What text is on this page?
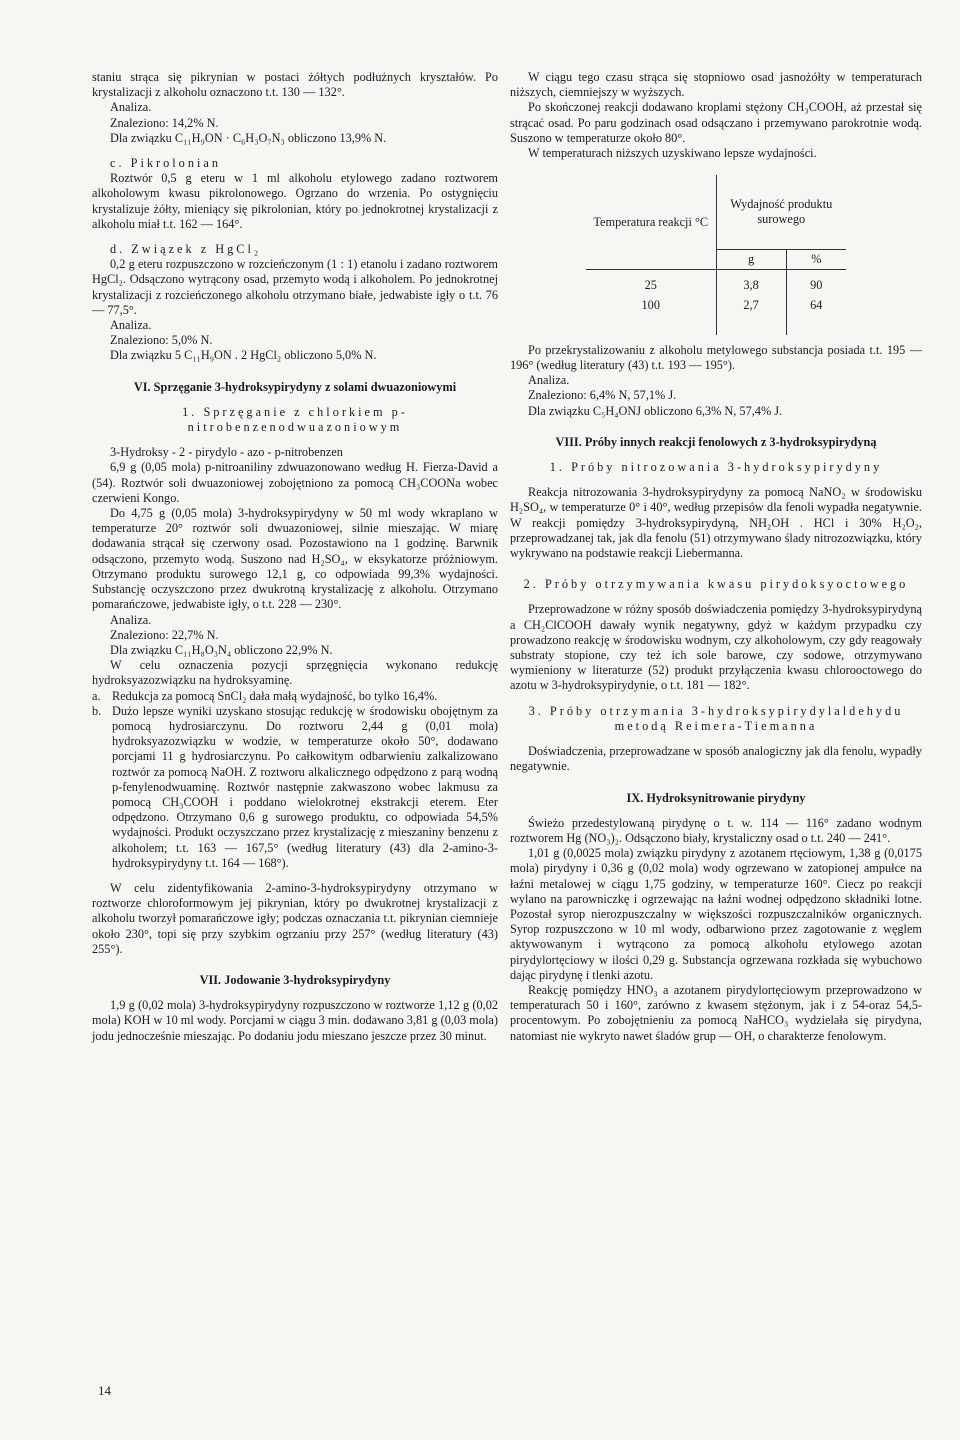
staniu strąca się pikrynian w postaci żółtych podłużnych kryształów. Po krystalizacji z alkoholu oznaczono t.t. 130 — 132°.

Analiza.

Znaleziono: 14,2% N.

Dla związku C₁₁H₉ON · C₆H₃O₇N₃ obliczono 13,9% N.

c. Pikrolonian

Roztwór 0,5 g eteru w 1 ml alkoholu etylowego zadano roztworem alkoholowym kwasu pikrolonowego. Ogrzano do wrzenia. Po ostygnięciu krystalizuje żółty, mieniący się pikrolonian, który po jednokrotnej krystalizacji z alkoholu miał t.t. 162 — 164°.

d. Związek z HgCl₂

0,2 g eteru rozpuszczono w rozcieńczonym (1 : 1) etanolu i zadano roztworem HgCl₂. Odsączono wytrącony osad, przemyto wodą i alkoholem. Po jednokrotnej krystalizacji z rozcieńczonego alkoholu otrzymano białe, jedwabiste igły o t.t. 76 — 77,5°.

Analiza.

Znaleziono: 5,0% N.

Dla związku 5 C₁₁H₉ON . 2 HgCl₂ obliczono 5,0% N.

VI. Sprzęganie 3-hydroksypirydyny z solami dwuazoniowymi

1. Sprzęganie z chlorkiem p-nitrobenzenodwuazoniowym

3-Hydroksy - 2 - pirydylo - azo - p-nitrobenzen

6,9 g (0,05 mola) p-nitroaniliny zdwuazonowano według H. Fierza-David a (54). Roztwór soli dwuazoniowej zobojętniono za pomocą CH₃COONa wobec czerwieni Kongo.

Do 4,75 g (0,05 mola) 3-hydroksypirydyny w 50 ml wody wkraplano w temperaturze 20° roztwór soli dwuazoniowej, silnie mieszając. W miarę dodawania strącał się czerwony osad. Pozostawiono na 1 godzinę. Barwnik odsączono, przemyto wodą. Suszono nad H₂SO₄, w eksykatorze próżniowym. Otrzymano produktu surowego 12,1 g, co odpowiada 99,3% wydajności. Substancję oczyszczono przez dwukrotną krystalizację z alkoholu. Otrzymano pomarańczowe, jedwabiste igły, o t.t. 228 — 230°.

Analiza.

Znaleziono: 22,7% N.

Dla związku C₁₁H₈O₃N₄ obliczono 22,9% N.

W celu oznaczenia pozycji sprzęgnięcia wykonano redukcję hydroksyazozwiązku na hydroksyaminę.

a. Redukcja za pomocą SnCl₂ dała małą wydajność, bo tylko 16,4%.
b. Dużo lepsze wyniki uzyskano stosując redukcję w środowisku obojętnym za pomocą hydrosiarczynu. Do roztworu 2,44 g (0,01 mola) hydroksyazozwiązku w wodzie, w temperaturze około 50°, dodawano porcjami 11 g hydrosiarczynu. Po całkowitym odbarwieniu zalkalizowano roztwór za pomocą NaOH. Z roztworu alkalicznego odpędzono z parą wodną p-fenylenodwuaminę. Roztwór następnie zakwaszono wobec lakmusu za pomocą CH₃COOH i poddano wielokrotnej ekstrakcji eterem. Eter odpędzono. Otrzymano 0,6 g surowego produktu, co odpowiada 54,5% wydajności. Produkt oczyszczano przez krystalizację z mieszaniny benzenu z alkoholem; t.t. 163 — 167,5° (według literatury (43) dla 2-amino-3-hydroksypirydyny t.t. 164 — 168°).

W celu zidentyfikowania 2-amino-3-hydroksypirydyny otrzymano w roztworze chloroformowym jej pikrynian, który po dwukrotnej krystalizacji z alkoholu tworzył pomarańczowe igły; podczas oznaczania t.t. pikrynian ciemnieje około 230°, topi się przy szybkim ogrzaniu przy 257° (według literatury (43) 255°).

VII. Jodowanie 3-hydroksypirydyny

1,9 g (0,02 mola) 3-hydroksypirydyny rozpuszczono w roztworze 1,12 g (0,02 mola) KOH w 10 ml wody. Porcjami w ciągu 3 min. dodawano 3,81 g (0,03 mola) jodu jednocześnie mieszając. Po dodaniu jodu mieszano jeszcze przez 30 minut.

W ciągu tego czasu strąca się stopniowo osad jasnożółty w temperaturach niższych, ciemniejszy w wyższych.

Po skończonej reakcji dodawano kroplami stężony CH₃COOH, aż przestał się strącać osad. Po paru godzinach osad odsączano i przemywano parokrotnie wodą. Suszono w temperaturze około 80°.

W temperaturach niższych uzyskiwano lepsze wydajności.

Temperatura reakcji °C	Wydajność produktu surowego	
	g	%
25	3,8	90
100	2,7	64

Po przekrystalizowaniu z alkoholu metylowego substancja posiada t.t. 195 — 196° (według literatury (43) t.t. 193 — 195°).

Analiza.

Znaleziono: 6,4% N, 57,1% J.

Dla związku C₅H₄ONJ obliczono 6,3% N, 57,4% J.

VIII. Próby innych reakcji fenolowych z 3-hydroksypirydyną

1. Próby nitrozowania 3-hydroksypirydyny

Reakcja nitrozowania 3-hydroksypirydyny za pomocą NaNO₂ w środowisku H₂SO₄, w temperaturze 0° i 40°, według przepisów dla fenoli wypadła negatywnie. W reakcji pomiędzy 3-hydroksypirydyną, NH₂OH . HCl i 30% H₂O₂, przeprowadzanej tak, jak dla fenolu (51) otrzymywano ślady nitrozozwiązku, który wykrywano na podstawie reakcji Liebermanna.

2. Próby otrzymywania kwasu pirydoksyoctowego

Przeprowadzone w różny sposób doświadczenia pomiędzy 3-hydroksypirydyną a CH₂ClCOOH dawały wynik negatywny, gdyż w każdym przypadku czy prowadzono reakcję w środowisku wodnym, czy alkoholowym, czy gdy reagowały substraty stopione, czy też ich sole barowe, czy sodowe, otrzymywano wymieniony w literaturze (52) produkt przyłączenia kwasu chlorooctowego do azotu w 3-hydroksypirydynie, o t.t. 181 — 182°.

3. Próby otrzymania 3-hydroksypirydylaldehydu metodą Reimera-Tiemanna

Doświadczenia, przeprowadzane w sposób analogiczny jak dla fenolu, wypadły negatywnie.

IX. Hydroksynitrowanie pirydyny

Świeżo przedestylowaną pirydynę o t. w. 114 — 116° zadano wodnym roztworem Hg (NO₃)₂. Odsączono biały, krystaliczny osad o t.t. 240 — 241°.

1,01 g (0,0025 mola) związku pirydyny z azotanem rtęciowym, 1,38 g (0,0175 mola) pirydyny i 0,36 g (0,02 mola) wody ogrzewano w zatopionej ampułce na łaźni metalowej w ciągu 1,75 godziny, w temperaturze 160°. Ciecz po reakcji wylano na parowniczkę i ogrzewając na łaźni wodnej odpędzono składniki lotne. Pozostał syrop nierozpuszczalny w większości rozpuszczalników organicznych. Syrop rozpuszczono w 10 ml wody, odbarwiono przez zagotowanie z węglem aktywowanym i wytrącono za pomocą alkoholu etylowego azotan pirydylortęciowy w ilości 0,29 g. Substancja ogrzewana rozkłada się wybuchowo dając pirydynę i tlenki azotu.

Reakcję pomiędzy HNO₃ a azotanem pirydylortęciowym przeprowadzono w temperaturach 50 i 160°, zarówno z kwasem stężonym, jak i z 54-oraz 54,5-procentowym. Po zobojętnieniu za pomocą NaHCO₃ wydzielała się pirydyna, natomiast nie wykryto nawet śladów grup — OH, o charakterze fenolowym.

14
